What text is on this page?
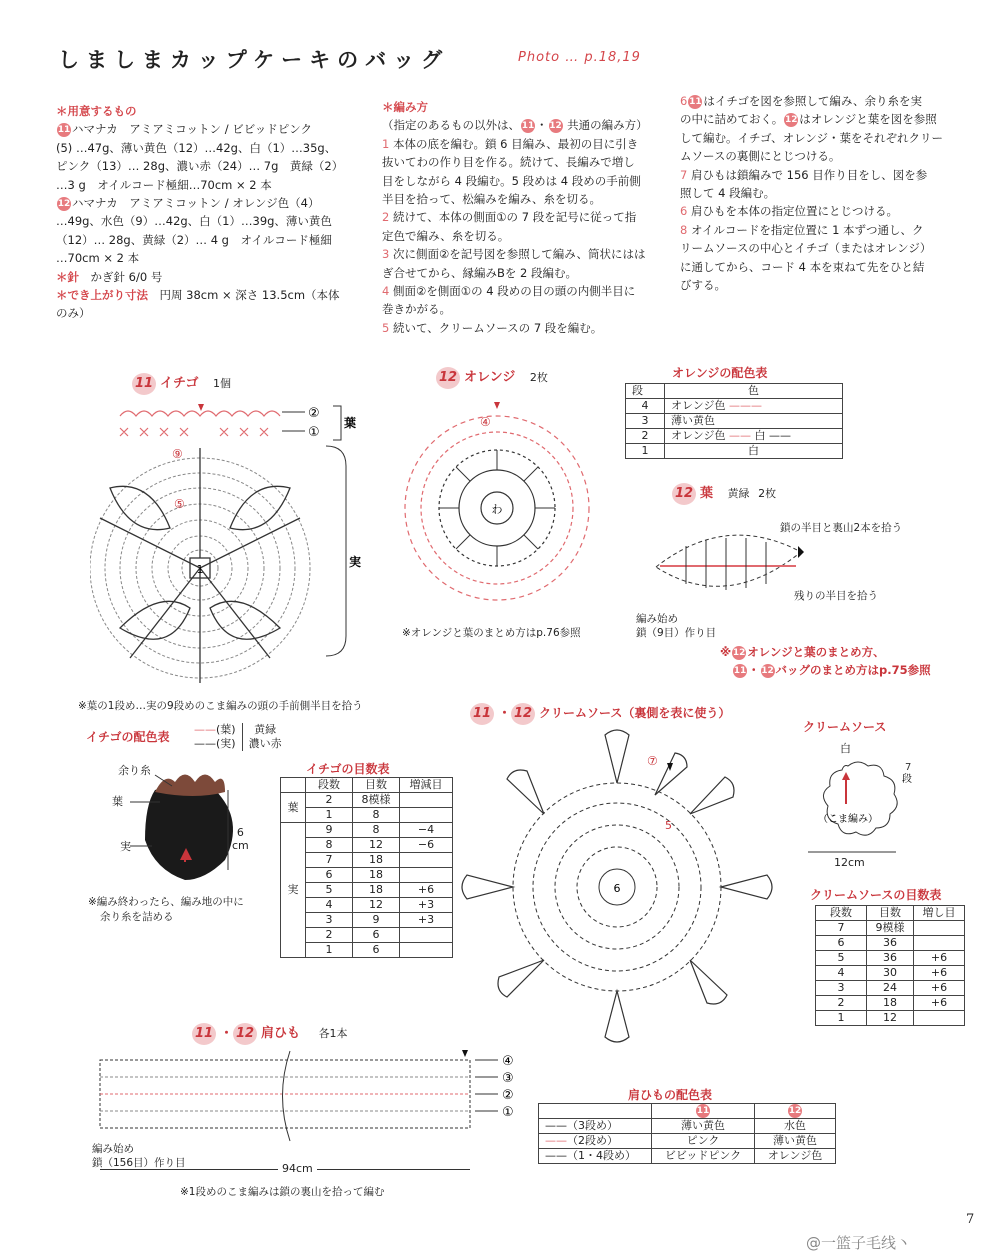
しましまカップケーキのバッグ	Photo … p.18,19
＊用意するもの
11 ハマナカ　アミアミコットン / ビビッドピンク
(5) …47g、薄い黄色（12）…42g、白（1）…35g、
ピンク（13）… 28g、濃い赤（24）… 7g　黄緑（2）
…3 g　オイルコード極細…70cm × 2 本
12 ハマナカ　アミアミコットン / オレンジ色（4）
…49g、水色（9）…42g、白（1）…39g、薄い黄色
（12）… 28g、黄緑（2）… 4 g　オイルコード極細
…70cm × 2 本
＊針　 かぎ針 6/0 号
＊でき上がり寸法　 円周 38cm × 深さ 13.5cm（本体
のみ）
＊編み方
（指定のあるもの以外は、 11 ・ 12 共通の編み方）
1 本体の底を編む。鎖 6 目編み、最初の目に引き
抜いてわの作り目を作る。続けて、長編みで増し
目をしながら 4 段編む。5 段めは 4 段めの手前側
半目を拾って、松編みを編み、糸を切る。
2 続けて、本体の側面①の 7 段を記号に従って指
定色で編み、糸を切る。
3 次に側面②を記号図を参照して編み、筒状にはは
ぎ合せてから、縁編みBを 2 段編む。
4 側面②を側面①の 4 段めの目の頭の内側半目に
巻きかがる。
5 続いて、クリームソースの 7 段を編む。
6 11 はイチゴを図を参照して編み、余り糸を実
の中に詰めておく。 12 はオレンジと葉を図を参照
して編む。イチゴ、オレンジ・葉をそれぞれクリー
ムソースの裏側にとじつける。
7 肩ひもは鎖編みで 156 目作り目をし、図を参
照して 4 段編む。
6 肩ひもを本体の指定位置にとじつける。
8 オイルコードを指定位置に 1 本ずつ通し、ク
リームソースの中心とイチゴ（またはオレンジ）
に通してから、コード 4 本を束ねて先をひと結
びする。
11 イチゴ 1個
1
⑨
⑤
②
①
葉
実
※葉の1段め…実の9段めのこま編みの頭の手前側半目を拾う
12 オレンジ 2枚
④
わ
※オレンジと葉のまとめ方はp.76参照
オレンジの配色表
段	色
4	オレンジ色 ———
3	薄い黄色
2	オレンジ色 —— 白 ——
1	白
12 葉 黄緑 2枚
鎖の半目と裏山2本を拾う
残りの半目を拾う
編み始め
鎖（9目）作り目
※ 12 オレンジと葉のまとめ方、
11 ・ 12 バッグのまとめ方はp.75参照
イチゴの配色表
——(葉)	黄緑
——(実)	濃い赤
余り糸
葉
実
6
cm
※編み終わったら、編み地の中に
余り糸を詰める
イチゴの目数表
	段数	目数	増減目
葉	2	8模様	
	1	8	
実	9	8	−4
	8	12	−6
	7	18	
	6	18	
	5	18	+6
	4	12	+3
	3	9	+3
	2	6	
	1	6	
11 ・ 12 クリームソース（裏側を表に使う）
⑦
5
6
クリームソース
白
（こま編み）
7
段
12cm
クリームソースの目数表
段数	目数	増し目
7	9模様	
6	36	
5	36	+6
4	30	+6
3	24	+6
2	18	+6
1	12	
11 ・ 12 肩ひも 各1本
④
③
②
①
編み始め
鎖（156目）作り目	94cm
※1段めのこま編みは鎖の裏山を拾って編む
肩ひもの配色表
	11	12
——（3段め）	薄い黄色	水色
——（2段め）	ピンク	薄い黄色
——（1・4段め）	ビビッドピンク	オレンジ色
7
@一篮子毛线丶
